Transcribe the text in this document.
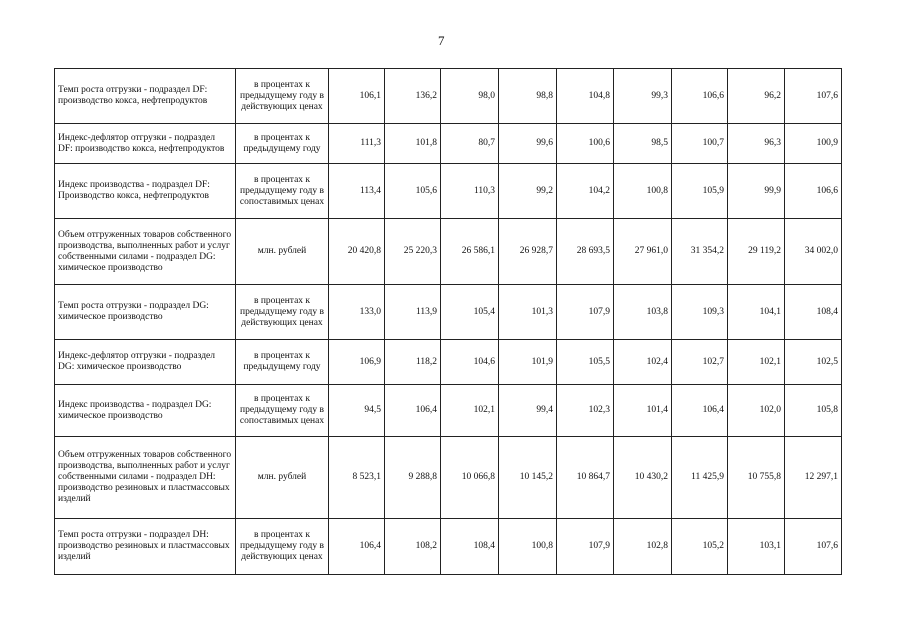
7
Темп роста отгрузки - подраздел DF: производство кокса, нефтепродуктов	в процентах к предыдущему году в действующих ценах	106,1	136,2	98,0	98,8	104,8	99,3	106,6	96,2	107,6
Индекс-дефлятор отгрузки - подраздел DF: производство кокса, нефтепродуктов	в процентах к предыдущему году	111,3	101,8	80,7	99,6	100,6	98,5	100,7	96,3	100,9
Индекс производства - подраздел DF: Производство кокса, нефтепродуктов	в процентах к предыдущему году в сопоставимых ценах	113,4	105,6	110,3	99,2	104,2	100,8	105,9	99,9	106,6
Объем отгруженных товаров собственного производства, выполненных работ и услуг собственными силами - подраздел DG: химическое производство	млн. рублей	20 420,8	25 220,3	26 586,1	26 928,7	28 693,5	27 961,0	31 354,2	29 119,2	34 002,0
Темп роста отгрузки - подраздел DG: химическое производство	в процентах к предыдущему году в действующих ценах	133,0	113,9	105,4	101,3	107,9	103,8	109,3	104,1	108,4
Индекс-дефлятор отгрузки - подраздел DG: химическое производство	в процентах к предыдущему году	106,9	118,2	104,6	101,9	105,5	102,4	102,7	102,1	102,5
Индекс производства - подраздел DG: химическое производство	в процентах к предыдущему году в сопоставимых ценах	94,5	106,4	102,1	99,4	102,3	101,4	106,4	102,0	105,8
Объем отгруженных товаров собственного производства, выполненных работ и услуг собственными силами - подраздел DH: производство резиновых и пластмассовых изделий	млн. рублей	8 523,1	9 288,8	10 066,8	10 145,2	10 864,7	10 430,2	11 425,9	10 755,8	12 297,1
Темп роста отгрузки - подраздел DH: производство резиновых и пластмассовых изделий	в процентах к предыдущему году в действующих ценах	106,4	108,2	108,4	100,8	107,9	102,8	105,2	103,1	107,6
